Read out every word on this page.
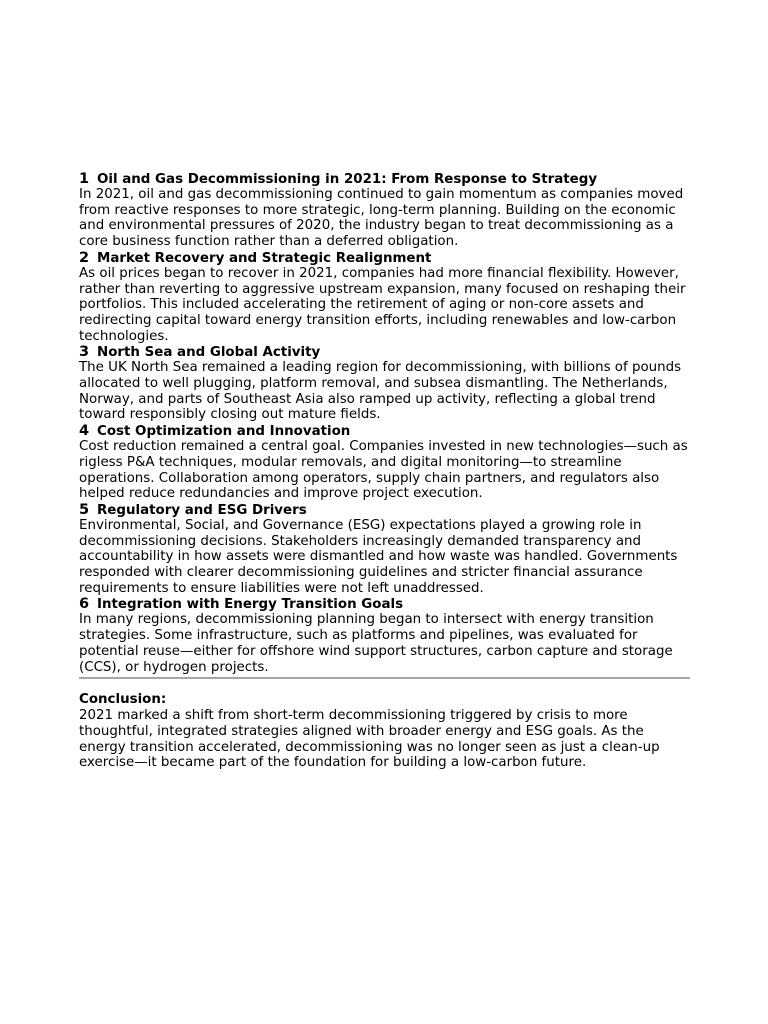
1 Oil and Gas Decommissioning in 2021: From Response to Strategy

In 2021, oil and gas decommissioning continued to gain momentum as companies moved from reactive responses to more strategic, long-term planning. Building on the economic and environmental pressures of 2020, the industry began to treat decommissioning as a core business function rather than a deferred obligation.

2 Market Recovery and Strategic Realignment

As oil prices began to recover in 2021, companies had more financial flexibility. However, rather than reverting to aggressive upstream expansion, many focused on reshaping their portfolios. This included accelerating the retirement of aging or non-core assets and redirecting capital toward energy transition efforts, including renewables and low-carbon technologies.

3 North Sea and Global Activity

The UK North Sea remained a leading region for decommissioning, with billions of pounds allocated to well plugging, platform removal, and subsea dismantling. The Netherlands, Norway, and parts of Southeast Asia also ramped up activity, reflecting a global trend toward responsibly closing out mature fields.

4 Cost Optimization and Innovation

Cost reduction remained a central goal. Companies invested in new technologies—such as rigless P&A techniques, modular removals, and digital monitoring—to streamline operations. Collaboration among operators, supply chain partners, and regulators also helped reduce redundancies and improve project execution.

5 Regulatory and ESG Drivers

Environmental, Social, and Governance (ESG) expectations played a growing role in decommissioning decisions. Stakeholders increasingly demanded transparency and accountability in how assets were dismantled and how waste was handled. Governments responded with clearer decommissioning guidelines and stricter financial assurance requirements to ensure liabilities were not left unaddressed.

6 Integration with Energy Transition Goals

In many regions, decommissioning planning began to intersect with energy transition strategies. Some infrastructure, such as platforms and pipelines, was evaluated for potential reuse—either for offshore wind support structures, carbon capture and storage (CCS), or hydrogen projects.

Conclusion:

2021 marked a shift from short-term decommissioning triggered by crisis to more thoughtful, integrated strategies aligned with broader energy and ESG goals. As the energy transition accelerated, decommissioning was no longer seen as just a clean-up exercise—it became part of the foundation for building a low-carbon future.
